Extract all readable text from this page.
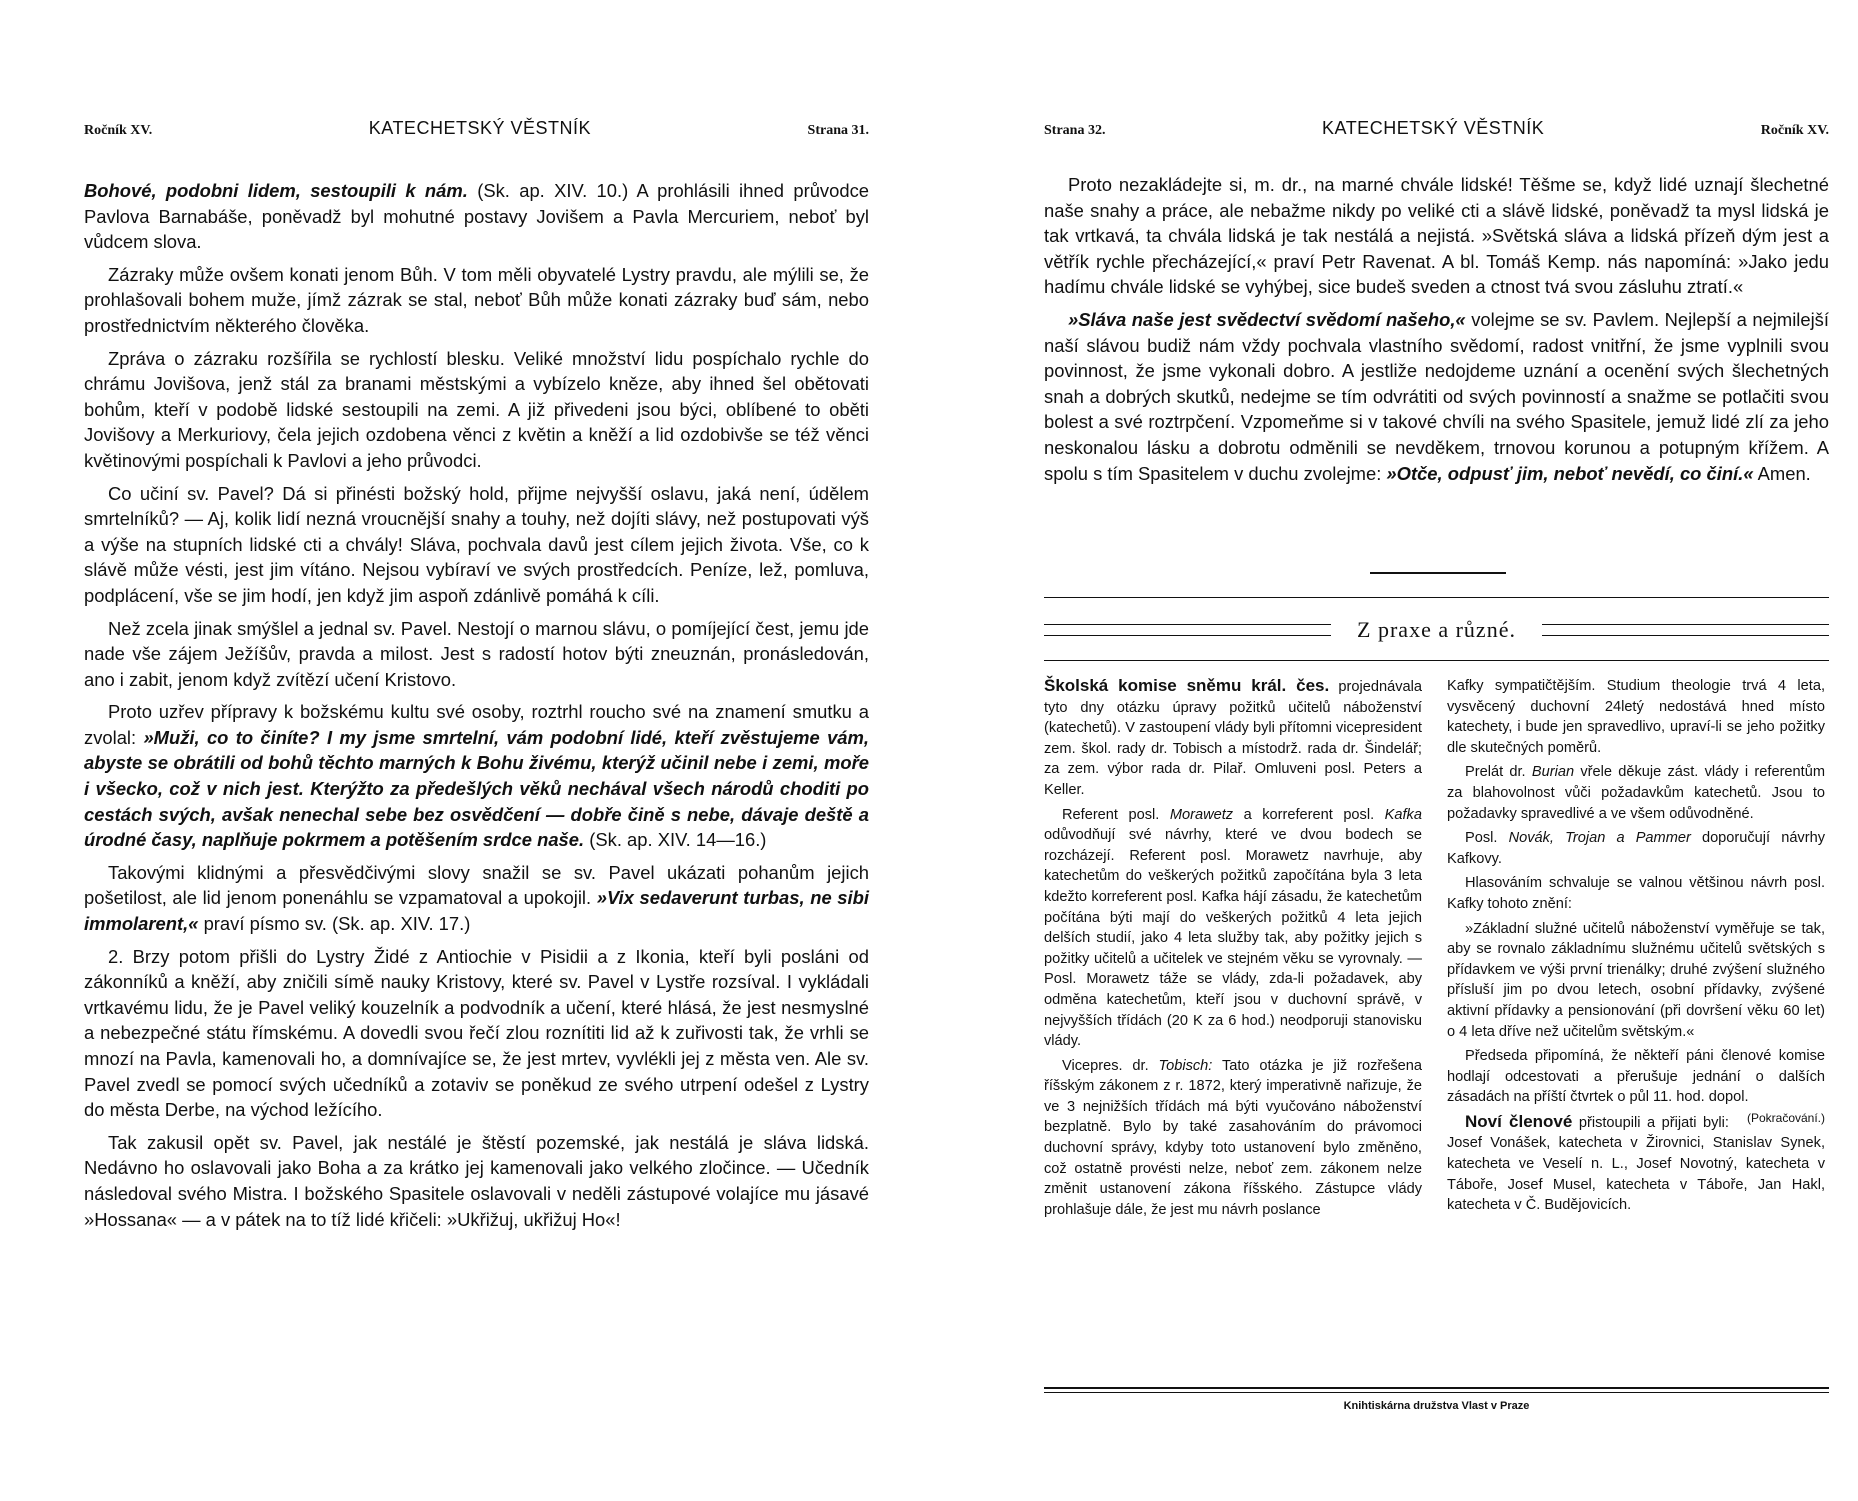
Ročník XV.	KATECHETSKÝ VĚSTNÍK	Strana 31.

Bohové, podobni lidem, sestoupili k nám. (Sk. ap. XIV. 10.) A prohlásili ihned průvodce Pavlova Barnabáše, poněvadž byl mohutné postavy Jovišem a Pavla Mercuriem, neboť byl vůdcem slova.

Zázraky může ovšem konati jenom Bůh. V tom měli obyvatelé Lystry pravdu, ale mýlili se, že prohlašovali bohem muže, jímž zázrak se stal, neboť Bůh může konati zázraky buď sám, nebo prostřednictvím některého člověka.

Zpráva o zázraku rozšířila se rychlostí blesku. Veliké množství lidu pospíchalo rychle do chrámu Jovišova, jenž stál za branami městskými a vybízelo kněze, aby ihned šel obětovati bohům, kteří v podobě lidské sestoupili na zemi. A již přivedeni jsou býci, oblíbené to oběti Jovišovy a Merkuriovy, čela jejich ozdobena věnci z květin a kněží a lid ozdobivše se též věnci květinovými pospíchali k Pavlovi a jeho průvodci.

Co učiní sv. Pavel? Dá si přinésti božský hold, přijme nejvyšší oslavu, jaká není, údělem smrtelníků? — Aj, kolik lidí nezná vroucnější snahy a touhy, než dojíti slávy, než postupovati výš a výše na stupních lidské cti a chvály! Sláva, pochvala davů jest cílem jejich života. Vše, co k slávě může vésti, jest jim vítáno. Nejsou vybíraví ve svých prostředcích. Peníze, lež, pomluva, podplácení, vše se jim hodí, jen když jim aspoň zdánlivě pomáhá k cíli.

Než zcela jinak smýšlel a jednal sv. Pavel. Nestojí o marnou slávu, o pomíjející čest, jemu jde nade vše zájem Ježíšův, pravda a milost. Jest s radostí hotov býti zneuznán, pronásledován, ano i zabit, jenom když zvítězí učení Kristovo.

Proto uzřev přípravy k božskému kultu své osoby, roztrhl roucho své na znamení smutku a zvolal: »Muži, co to činíte? I my jsme smrtelní, vám podobní lidé, kteří zvěstujeme vám, abyste se obrátili od bohů těchto marných k Bohu živému, kterýž učinil nebe i zemi, moře i všecko, což v nich jest. Kterýžto za předešlých věků nechával všech národů choditi po cestách svých, avšak nenechal sebe bez osvědčení — dobře čině s nebe, dávaje deště a úrodné časy, naplňuje pokrmem a potěšením srdce naše. (Sk. ap. XIV. 14—16.)

Takovými klidnými a přesvědčivými slovy snažil se sv. Pavel ukázati pohanům jejich pošetilost, ale lid jenom ponenáhlu se vzpamatoval a upokojil. »Vix sedaverunt turbas, ne sibi immolarent,« praví písmo sv. (Sk. ap. XIV. 17.)

2. Brzy potom přišli do Lystry Židé z Antiochie v Pisidii a z Ikonia, kteří byli posláni od zákonníků a kněží, aby zničili símě nauky Kristovy, které sv. Pavel v Lystře rozsíval. I vykládali vrtkavému lidu, že je Pavel veliký kouzelník a podvodník a učení, které hlásá, že jest nesmyslné a nebezpečné státu římskému. A dovedli svou řečí zlou roznítiti lid až k zuřivosti tak, že vrhli se mnozí na Pavla, kamenovali ho, a domnívajíce se, že jest mrtev, vyvlékli jej z města ven. Ale sv. Pavel zvedl se pomocí svých učedníků a zotaviv se poněkud ze svého utrpení odešel z Lystry do města Derbe, na východ ležícího.

Tak zakusil opět sv. Pavel, jak nestálé je štěstí pozemské, jak nestálá je sláva lidská. Nedávno ho oslavovali jako Boha a za krátko jej kamenovali jako velkého zločince. — Učedník následoval svého Mistra. I božského Spasitele oslavovali v neděli zástupové volajíce mu jásavé »Hossana« — a v pátek na to tíž lidé křičeli: »Ukřižuj, ukřižuj Ho«!

Strana 32.	KATECHETSKÝ VĚSTNÍK	Ročník XV.

Proto nezakládejte si, m. dr., na marné chvále lidské! Těšme se, když lidé uznají šlechetné naše snahy a práce, ale nebažme nikdy po veliké cti a slávě lidské, poněvadž ta mysl lidská je tak vrtkavá, ta chvála lidská je tak nestálá a nejistá. »Světská sláva a lidská přízeň dým jest a větřík rychle přecházející,« praví Petr Ravenat. A bl. Tomáš Kemp. nás napomíná: »Jako jedu hadímu chvále lidské se vyhýbej, sice budeš sveden a ctnost tvá svou zásluhu ztratí.«

»Sláva naše jest svědectví svědomí našeho,« volejme se sv. Pavlem. Nejlepší a nejmilejší naší slávou budiž nám vždy pochvala vlastního svědomí, radost vnitřní, že jsme vyplnili svou povinnost, že jsme vykonali dobro. A jestliže nedojdeme uznání a ocenění svých šlechetných snah a dobrých skutků, nedejme se tím odvrátiti od svých povinností a snažme se potlačiti svou bolest a své roztrpčení. Vzpomeňme si v takové chvíli na svého Spasitele, jemuž lidé zlí za jeho neskonalou lásku a dobrotu odměnili se nevděkem, trnovou korunou a potupným křížem. A spolu s tím Spasitelem v duchu zvolejme: »Otče, odpusť jim, neboť nevědí, co činí.« Amen.

Z praxe a různé.

Školská komise sněmu král. čes. projednávala tyto dny otázku úpravy požitků učitelů náboženství (katechetů). V zastoupení vlády byli přítomni vicepresident zem. škol. rady dr. Tobisch a místodrž. rada dr. Šindelář; za zem. výbor rada dr. Pilař. Omluveni posl. Peters a Keller.

Referent posl. Morawetz a korreferent posl. Kafka odůvodňují své návrhy, které ve dvou bodech se rozcházejí. Referent posl. Morawetz navrhuje, aby katechetům do veškerých požitků započítána byla 3 leta kdežto korreferent posl. Kafka hájí zásadu, že katechetům počítána býti mají do veškerých požitků 4 leta jejich delších studií, jako 4 leta služby tak, aby požitky jejich s požitky učitelů a učitelek ve stejném věku se vyrovnaly. — Posl. Morawetz táže se vlády, zda-li požadavek, aby odměna katechetům, kteří jsou v duchovní správě, v nejvyšších třídách (20 K za 6 hod.) neodporuji stanovisku vlády.

Vicepres. dr. Tobisch: Tato otázka je již rozřešena říšským zákonem z r. 1872, který imperativně nařizuje, že ve 3 nejnižších třídách má býti vyučováno náboženství bezplatně. Bylo by také zasahováním do právomoci duchovní správy, kdyby toto ustanovení bylo změněno, což ostatně provésti nelze, neboť zem. zákonem nelze změnit ustanovení zákona říšského. Zástupce vlády prohlašuje dále, že jest mu návrh poslance

Kafky sympatičtějším. Studium theologie trvá 4 leta, vysvěcený duchovní 24letý nedostává hned místo katechety, i bude jen spravedlivo, upraví-li se jeho požitky dle skutečných poměrů.

Prelát dr. Burian vřele děkuje zást. vlády i referentům za blahovolnost vůči požadavkům katechetů. Jsou to požadavky spravedlivé a ve všem odůvodněné.

Posl. Novák, Trojan a Pammer doporučují návrhy Kafkovy.

Hlasováním schvaluje se valnou většinou návrh posl. Kafky tohoto znění:

»Základní služné učitelů náboženství vyměřuje se tak, aby se rovnalo základnímu služnému učitelů světských s přídavkem ve výši první trienálky; druhé zvýšení služného přísluší jim po dvou letech, osobní přídavky, zvýšené aktivní přídavky a pensionování (při dovršení věku 60 let) o 4 leta dříve než učitelům světským.«

Předseda připomíná, že někteří páni členové komise hodlají odcestovati a přerušuje jednání o dalších zásadách na příští čtvrtek o půl 11. hod. dopol.
(Pokračování.)

Noví členové přistoupili a přijati byli: Josef Vonášek, katecheta v Žirovnici, Stanislav Synek, katecheta ve Veselí n. L., Josef Novotný, katecheta v Táboře, Josef Musel, katecheta v Táboře, Jan Hakl, katecheta v Č. Budějovicích.

Knihtiskárna družstva Vlast v Praze
